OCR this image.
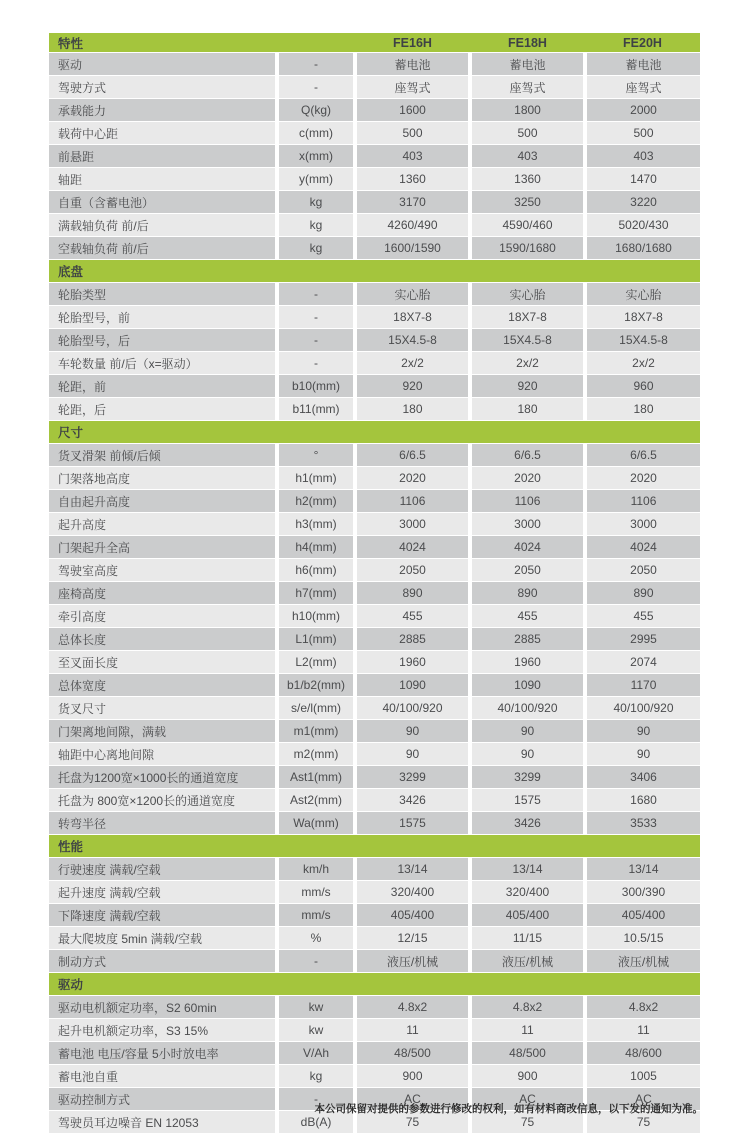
特性		FE16H	FE18H	FE20H
驱动	-	蓄电池	蓄电池	蓄电池
驾驶方式	-	座驾式	座驾式	座驾式
承载能力	Q(kg)	1600	1800	2000
载荷中心距	c(mm)	500	500	500
前悬距	x(mm)	403	403	403
轴距	y(mm)	1360	1360	1470
自重（含蓄电池）	kg	3170	3250	3220
满载轴负荷 前/后	kg	4260/490	4590/460	5020/430
空载轴负荷 前/后	kg	1600/1590	1590/1680	1680/1680
底盘				
轮胎类型	-	实心胎	实心胎	实心胎
轮胎型号，前	-	18X7-8	18X7-8	18X7-8
轮胎型号，后	-	15X4.5-8	15X4.5-8	15X4.5-8
车轮数量 前/后（x=驱动）	-	2x/2	2x/2	2x/2
轮距，前	b10(mm)	920	920	960
轮距，后	b11(mm)	180	180	180
尺寸				
货叉滑架 前倾/后倾	°	6/6.5	6/6.5	6/6.5
门架落地高度	h1(mm)	2020	2020	2020
自由起升高度	h2(mm)	1106	1106	1106
起升高度	h3(mm)	3000	3000	3000
门架起升全高	h4(mm)	4024	4024	4024
驾驶室高度	h6(mm)	2050	2050	2050
座椅高度	h7(mm)	890	890	890
牵引高度	h10(mm)	455	455	455
总体长度	L1(mm)	2885	2885	2995
至叉面长度	L2(mm)	1960	1960	2074
总体宽度	b1/b2(mm)	1090	1090	1170
货叉尺寸	s/e/l(mm)	40/100/920	40/100/920	40/100/920
门架离地间隙，满载	m1(mm)	90	90	90
轴距中心离地间隙	m2(mm)	90	90	90
托盘为1200宽×1000长的通道宽度	Ast1(mm)	3299	3299	3406
托盘为 800宽×1200长的通道宽度	Ast2(mm)	3426	1575	1680
转弯半径	Wa(mm)	1575	3426	3533
性能				
行驶速度 满载/空载	km/h	13/14	13/14	13/14
起升速度 满载/空载	mm/s	320/400	320/400	300/390
下降速度 满载/空载	mm/s	405/400	405/400	405/400
最大爬坡度 5min 满载/空载	%	12/15	11/15	10.5/15
制动方式	-	液压/机械	液压/机械	液压/机械
驱动				
驱动电机额定功率，S2 60min	kw	4.8x2	4.8x2	4.8x2
起升电机额定功率，S3 15%	kw	11	11	11
蓄电池 电压/容量 5小时放电率	V/Ah	48/500	48/500	48/600
蓄电池自重	kg	900	900	1005
驱动控制方式	-	AC	AC	AC
驾驶员耳边噪音 EN 12053	dB(A)	75	75	75
本公司保留对提供的参数进行修改的权利，如有材料商改信息，以下发的通知为准。
